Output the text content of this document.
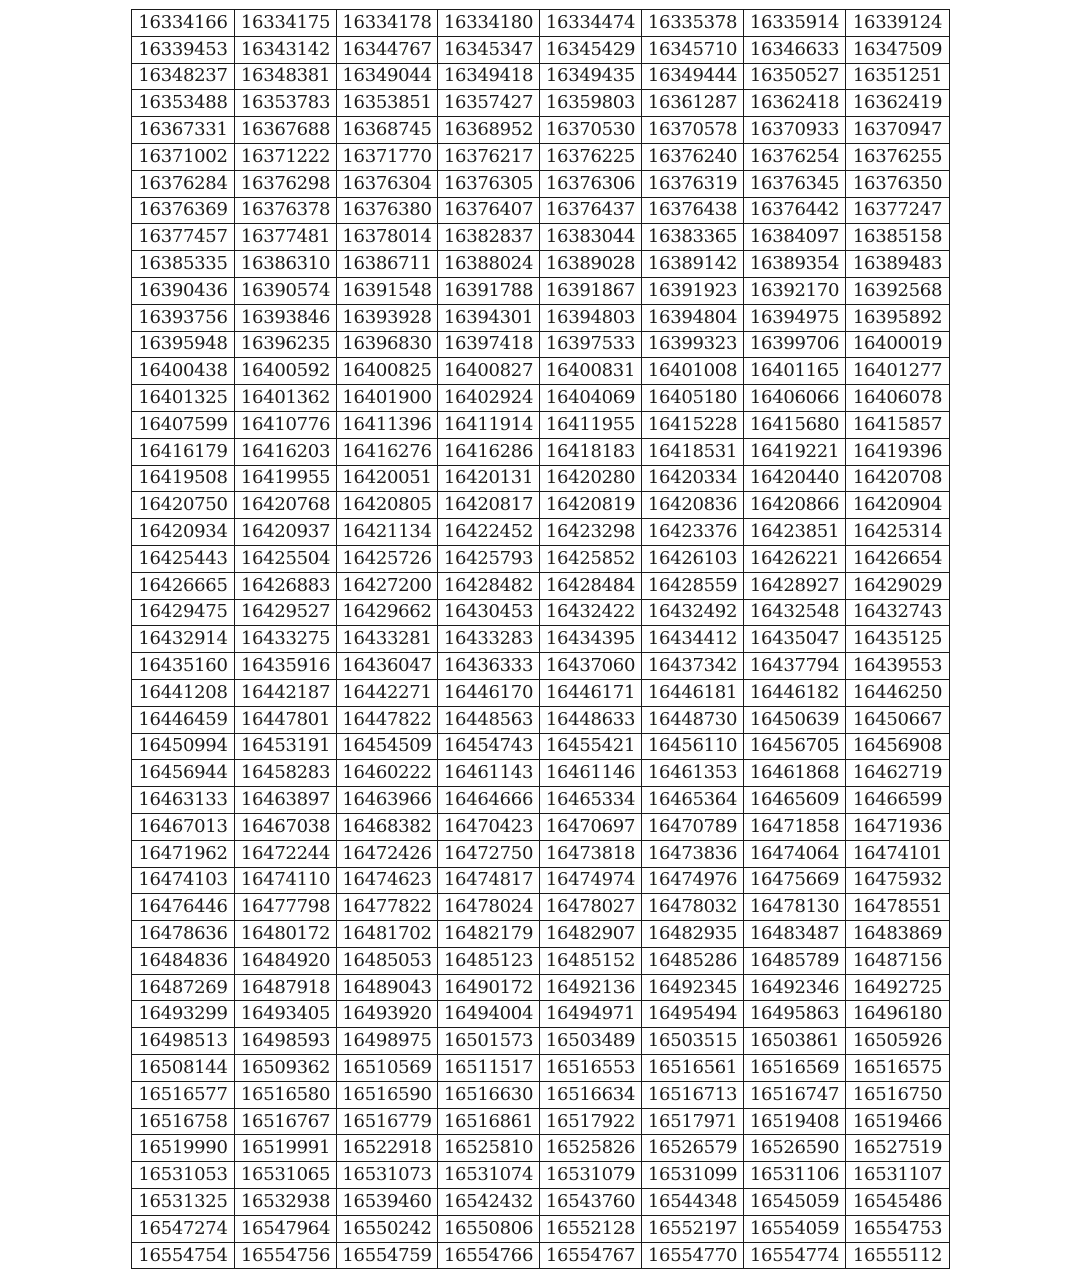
16334166	16334175	16334178	16334180	16334474	16335378	16335914	16339124
16339453	16343142	16344767	16345347	16345429	16345710	16346633	16347509
16348237	16348381	16349044	16349418	16349435	16349444	16350527	16351251
16353488	16353783	16353851	16357427	16359803	16361287	16362418	16362419
16367331	16367688	16368745	16368952	16370530	16370578	16370933	16370947
16371002	16371222	16371770	16376217	16376225	16376240	16376254	16376255
16376284	16376298	16376304	16376305	16376306	16376319	16376345	16376350
16376369	16376378	16376380	16376407	16376437	16376438	16376442	16377247
16377457	16377481	16378014	16382837	16383044	16383365	16384097	16385158
16385335	16386310	16386711	16388024	16389028	16389142	16389354	16389483
16390436	16390574	16391548	16391788	16391867	16391923	16392170	16392568
16393756	16393846	16393928	16394301	16394803	16394804	16394975	16395892
16395948	16396235	16396830	16397418	16397533	16399323	16399706	16400019
16400438	16400592	16400825	16400827	16400831	16401008	16401165	16401277
16401325	16401362	16401900	16402924	16404069	16405180	16406066	16406078
16407599	16410776	16411396	16411914	16411955	16415228	16415680	16415857
16416179	16416203	16416276	16416286	16418183	16418531	16419221	16419396
16419508	16419955	16420051	16420131	16420280	16420334	16420440	16420708
16420750	16420768	16420805	16420817	16420819	16420836	16420866	16420904
16420934	16420937	16421134	16422452	16423298	16423376	16423851	16425314
16425443	16425504	16425726	16425793	16425852	16426103	16426221	16426654
16426665	16426883	16427200	16428482	16428484	16428559	16428927	16429029
16429475	16429527	16429662	16430453	16432422	16432492	16432548	16432743
16432914	16433275	16433281	16433283	16434395	16434412	16435047	16435125
16435160	16435916	16436047	16436333	16437060	16437342	16437794	16439553
16441208	16442187	16442271	16446170	16446171	16446181	16446182	16446250
16446459	16447801	16447822	16448563	16448633	16448730	16450639	16450667
16450994	16453191	16454509	16454743	16455421	16456110	16456705	16456908
16456944	16458283	16460222	16461143	16461146	16461353	16461868	16462719
16463133	16463897	16463966	16464666	16465334	16465364	16465609	16466599
16467013	16467038	16468382	16470423	16470697	16470789	16471858	16471936
16471962	16472244	16472426	16472750	16473818	16473836	16474064	16474101
16474103	16474110	16474623	16474817	16474974	16474976	16475669	16475932
16476446	16477798	16477822	16478024	16478027	16478032	16478130	16478551
16478636	16480172	16481702	16482179	16482907	16482935	16483487	16483869
16484836	16484920	16485053	16485123	16485152	16485286	16485789	16487156
16487269	16487918	16489043	16490172	16492136	16492345	16492346	16492725
16493299	16493405	16493920	16494004	16494971	16495494	16495863	16496180
16498513	16498593	16498975	16501573	16503489	16503515	16503861	16505926
16508144	16509362	16510569	16511517	16516553	16516561	16516569	16516575
16516577	16516580	16516590	16516630	16516634	16516713	16516747	16516750
16516758	16516767	16516779	16516861	16517922	16517971	16519408	16519466
16519990	16519991	16522918	16525810	16525826	16526579	16526590	16527519
16531053	16531065	16531073	16531074	16531079	16531099	16531106	16531107
16531325	16532938	16539460	16542432	16543760	16544348	16545059	16545486
16547274	16547964	16550242	16550806	16552128	16552197	16554059	16554753
16554754	16554756	16554759	16554766	16554767	16554770	16554774	16555112
